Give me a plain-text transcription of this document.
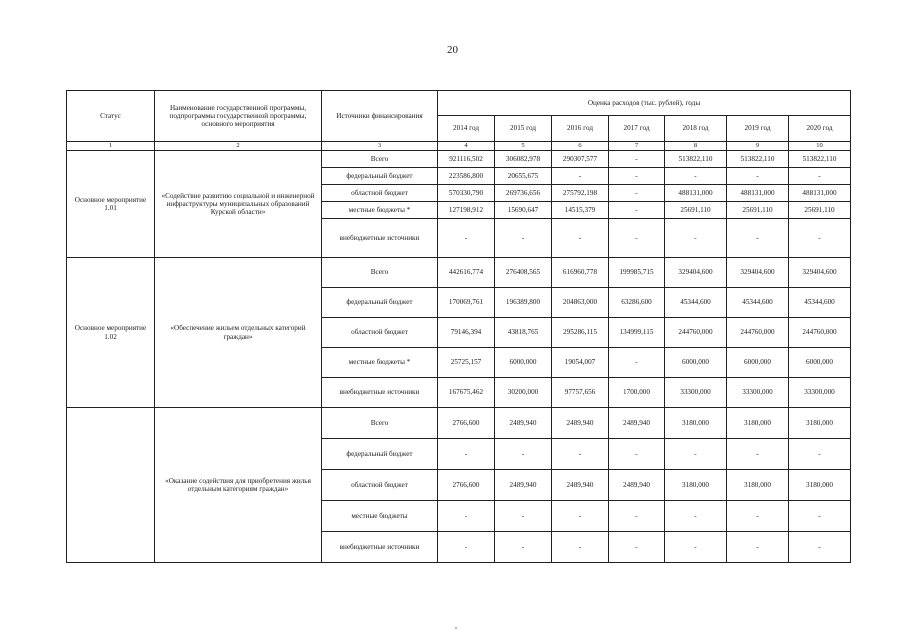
20
Статус	Наименование государственной программы, подпрограммы государственной программы, основного мероприятия	Источники финансирования	Оценка расходов (тыс. рублей), годы						
			2014 год	2015 год	2016 год	2017 год	2018 год	2019 год	2020 год
1	2	3	4	5	6	7	8	9	10
Основное мероприятие 1.01	«Содействие развитию социальной и инженерной инфраструктуры муниципальных образований Курской области»	Всего	921116,502	306082,978	290307,577	-	513822,110	513822,110	513822,110
		федеральный бюджет	223586,800	20655,675	-	-	-	-	-
		областной бюджет	570330,790	269736,656	275792,198	-	488131,000	488131,000	488131,000
		местные бюджеты *	127198,912	15690,647	14515,379	-	25691,110	25691,110	25691,110
		внебюджетные источники	-	-	-	-	-	-	-
Основное мероприятие 1.02	«Обеспечение жильем отдельных категорий граждан»	Всего	442616,774	276408,565	616960,778	199985,715	329404,600	329404,600	329404,600
		федеральный бюджет	170069,761	196389,800	204863,000	63286,600	45344,600	45344,600	45344,600
		областной бюджет	79146,394	43818,765	295286,115	134999,115	244760,000	244760,000	244760,000
		местные бюджеты *	25725,157	6000,000	19054,007	-	6000,000	6000,000	6000,000
		внебюджетные источники	167675,462	30200,000	97757,656	1700,000	33300,000	33300,000	33300,000
	«Оказание содействия для приобретения жилья отдельным категориям граждан»	Всего	2766,600	2489,940	2489,940	2489,940	3180,000	3180,000	3180,000
		федеральный бюджет	-	-	-	-	-	-	-
		областной бюджет	2766,600	2489,940	2489,940	2489,940	3180,000	3180,000	3180,000
		местные бюджеты	-	-	-	-	-	-	-
		внебюджетные источники	-	-	-	-	-	-	-
